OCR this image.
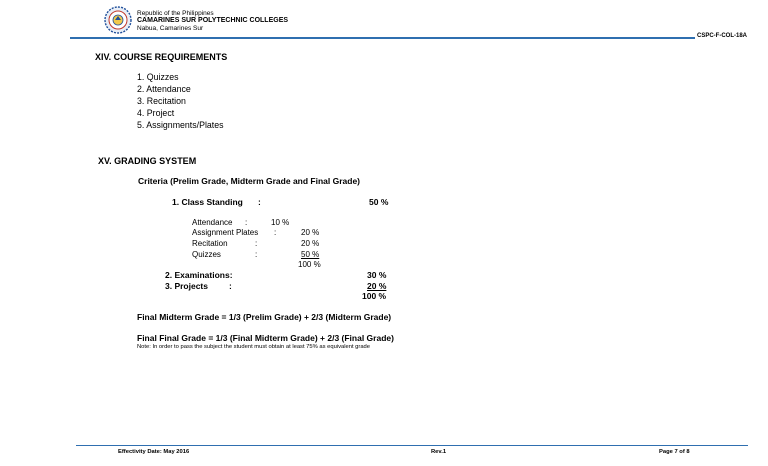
Republic of the Philippines
CAMARINES SUR POLYTECHNIC COLLEGES
Nabua, Camarines Sur
CSPC-F-COL-18A
XIV. COURSE REQUIREMENTS
1. Quizzes
2. Attendance
3. Recitation
4. Project
5. Assignments/Plates
XV. GRADING SYSTEM
Criteria (Prelim Grade, Midterm Grade and Final Grade)
1. Class Standing :	50 %
Attendance :	10 %
Assignment Plates :	20 %
Recitation	:	20 %
Quizzes	:	50 %
100 %
2. Examinations:	30 %
3. Projects :	20 %
100 %
Final Midterm Grade = 1/3 (Prelim Grade) + 2/3 (Midterm Grade)
Final Final Grade = 1/3 (Final Midterm Grade) + 2/3 (Final Grade)
Note: In order to pass the subject the student must obtain at least 75% as equivalent grade
Effectivity Date: May 2016	Rev.1	Page 7 of 8
